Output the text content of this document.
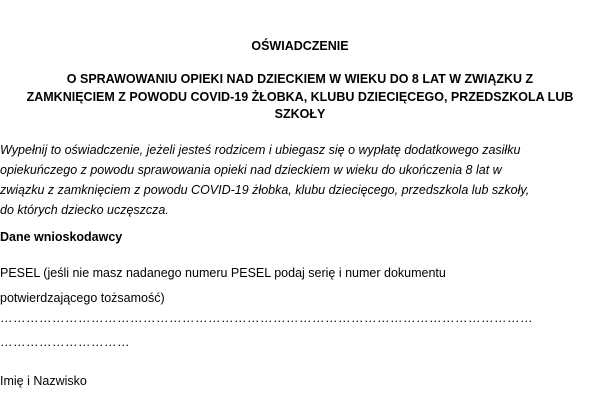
OŚWIADCZENIE
O SPRAWOWANIU OPIEKI NAD DZIECKIEM W WIEKU DO 8 LAT W ZWIĄZKU Z
ZAMKNIĘCIEM Z POWODU COVID-19 ŻŁOBKA, KLUBU DZIECIĘCEGO, PRZEDSZKOLA LUB
SZKOŁY
Wypełnij to oświadczenie, jeżeli jesteś rodzicem i ubiegasz się o wypłatę dodatkowego zasiłku
opiekuńczego z powodu sprawowania opieki nad dzieckiem w wieku do ukończenia 8 lat w
związku z zamknięciem z powodu COVID-19 żłobka, klubu dziecięcego, przedszkola lub szkoły,
do których dziecko uczęszcza.
Dane wnioskodawcy
PESEL (jeśli nie masz nadanego numeru PESEL podaj serię i numer dokumentu
potwierdzającego tożsamość)
……………………………………………………………………………………………………………
…………………………
Imię i Nazwisko
